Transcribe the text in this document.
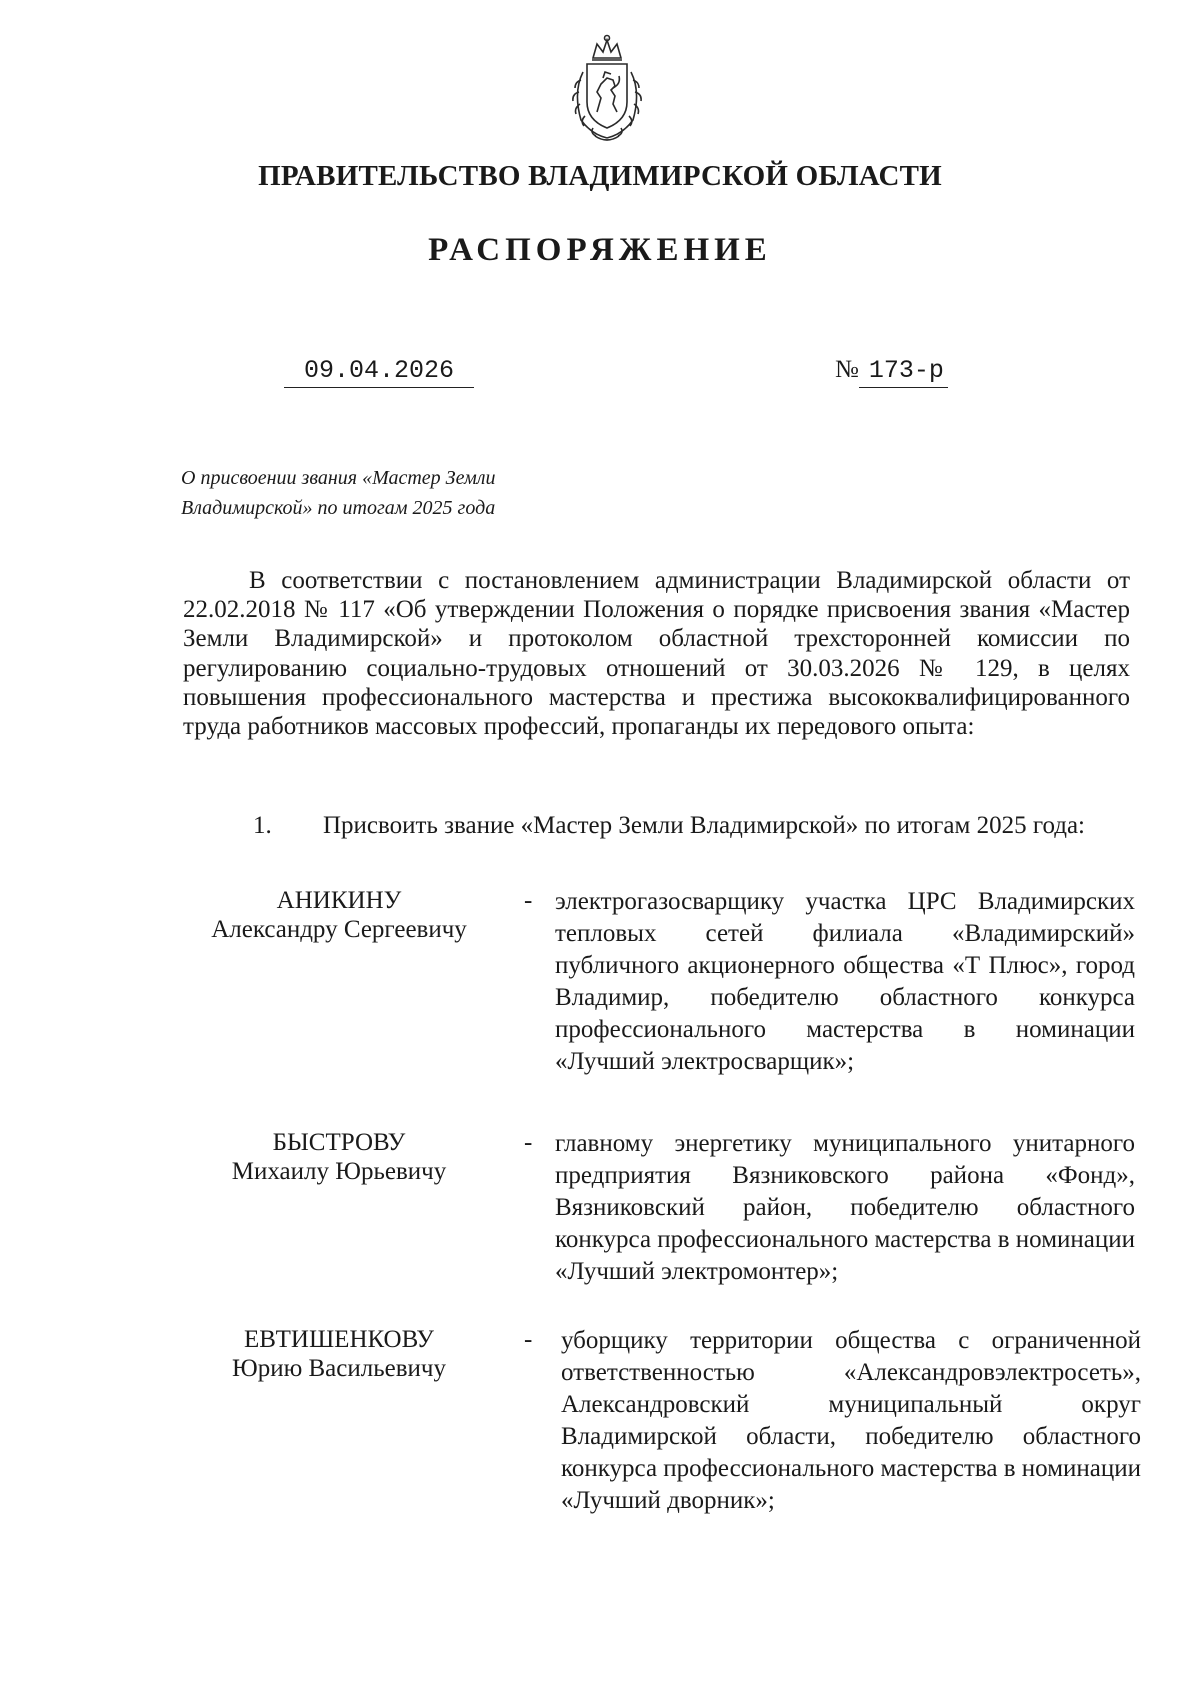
ПРАВИТЕЛЬСТВО ВЛАДИМИРСКОЙ ОБЛАСТИ
РАСПОРЯЖЕНИЕ
09.04.2026	№ 173-р
О присвоении звания «Мастер Земли
Владимирской» по итогам 2025 года
В соответствии с постановлением администрации Владимирской области от 22.02.2018 № 117 «Об утверждении Положения о порядке присвоения звания «Мастер Земли Владимирской» и протоколом областной трехсторонней комиссии по регулированию социально-трудовых отношений от 30.03.2026 № 129, в целях повышения профессионального мастерства и престижа высококвалифицированного труда работников массовых профессий, пропаганды их передового опыта:
1. Присвоить звание «Мастер Земли Владимирской» по итогам 2025 года:
АНИКИНУ
Александру Сергеевичу
- электрогазосварщику участка ЦРС Владимирских тепловых сетей филиала «Владимирский» публичного акционерного общества «Т Плюс», город Владимир, победителю областного конкурса профессионального мастерства в номинации «Лучший электросварщик»;
БЫСТРОВУ
Михаилу Юрьевичу
- главному энергетику муниципального унитарного предприятия Вязниковского района «Фонд», Вязниковский район, победителю областного конкурса профессионального мастерства в номинации «Лучший электромонтер»;
ЕВТИШЕНКОВУ
Юрию Васильевичу
- уборщику территории общества с ограниченной ответственностью «Александровэлектросеть», Александровский муниципальный округ Владимирской области, победителю областного конкурса профессионального мастерства в номинации «Лучший дворник»;
